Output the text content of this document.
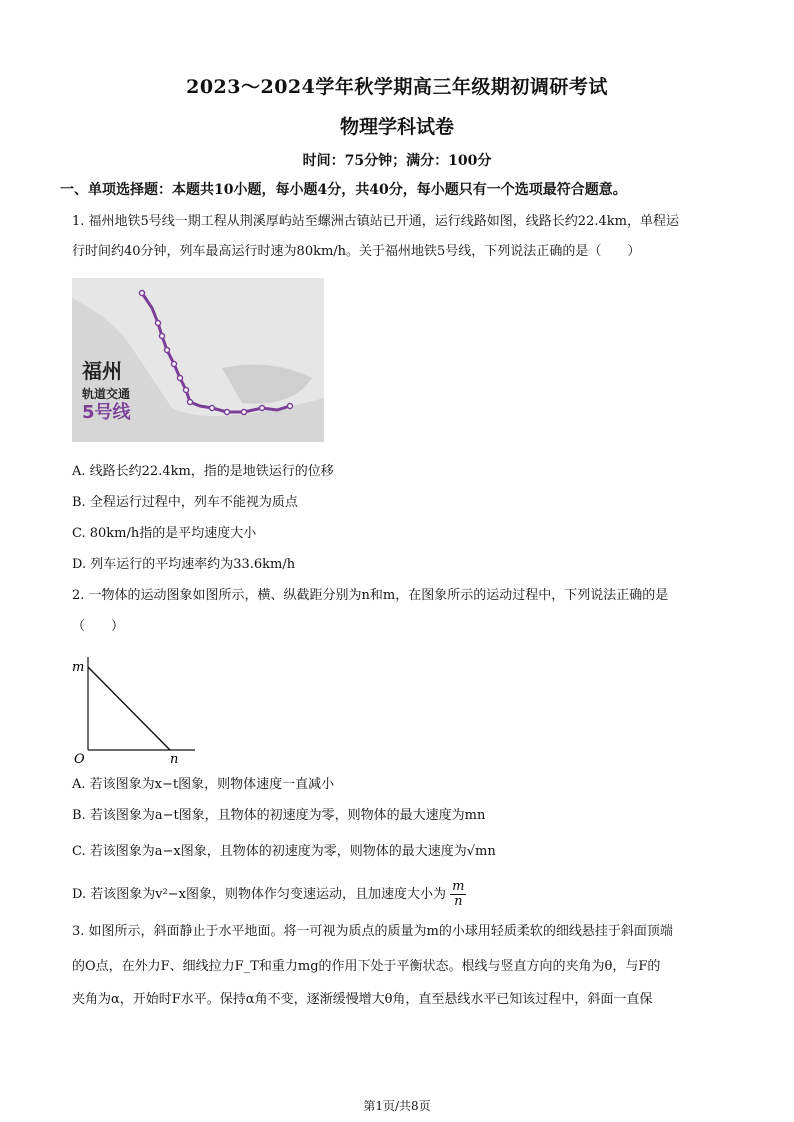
2023～2024学年秋学期高三年级期初调研考试
物理学科试卷
时间：75分钟；满分：100分
一、单项选择题：本题共10小题，每小题4分，共40分，每小题只有一个选项最符合题意。
1. 福州地铁5号线一期工程从荆溪厚屿站至螺洲古镇站已开通，运行线路如图，线路长约22.4km，单程运
行时间约40分钟，列车最高运行时速为80km/h。关于福州地铁5号线，下列说法正确的是（　　）
福州
轨道交通
5号线
A. 线路长约22.4km，指的是地铁运行的位移
B. 全程运行过程中，列车不能视为质点
C. 80km/h指的是平均速度大小
D. 列车运行的平均速率约为33.6km/h
2. 一物体的运动图象如图所示，横、纵截距分别为n和m，在图象所示的运动过程中，下列说法正确的是
（　　）
m
n
O
A. 若该图象为x−t图象，则物体速度一直减小
B. 若该图象为a−t图象，且物体的初速度为零，则物体的最大速度为mn
C. 若该图象为a−x图象，且物体的初速度为零，则物体的最大速度为√mn
D. 若该图象为v²−x图象，则物体作匀变速运动，且加速度大小为 $\frac{m}{n}$
3. 如图所示，斜面静止于水平地面。将一可视为质点的质量为m的小球用轻质柔软的细线悬挂于斜面顶端
的O点，在外力F、细线拉力F_T和重力mg的作用下处于平衡状态。根线与竖直方向的夹角为θ，与F的
夹角为α，开始时F水平。保持α角不变，逐渐缓慢增大θ角，直至悬线水平已知该过程中，斜面一直保
第1页/共8页
